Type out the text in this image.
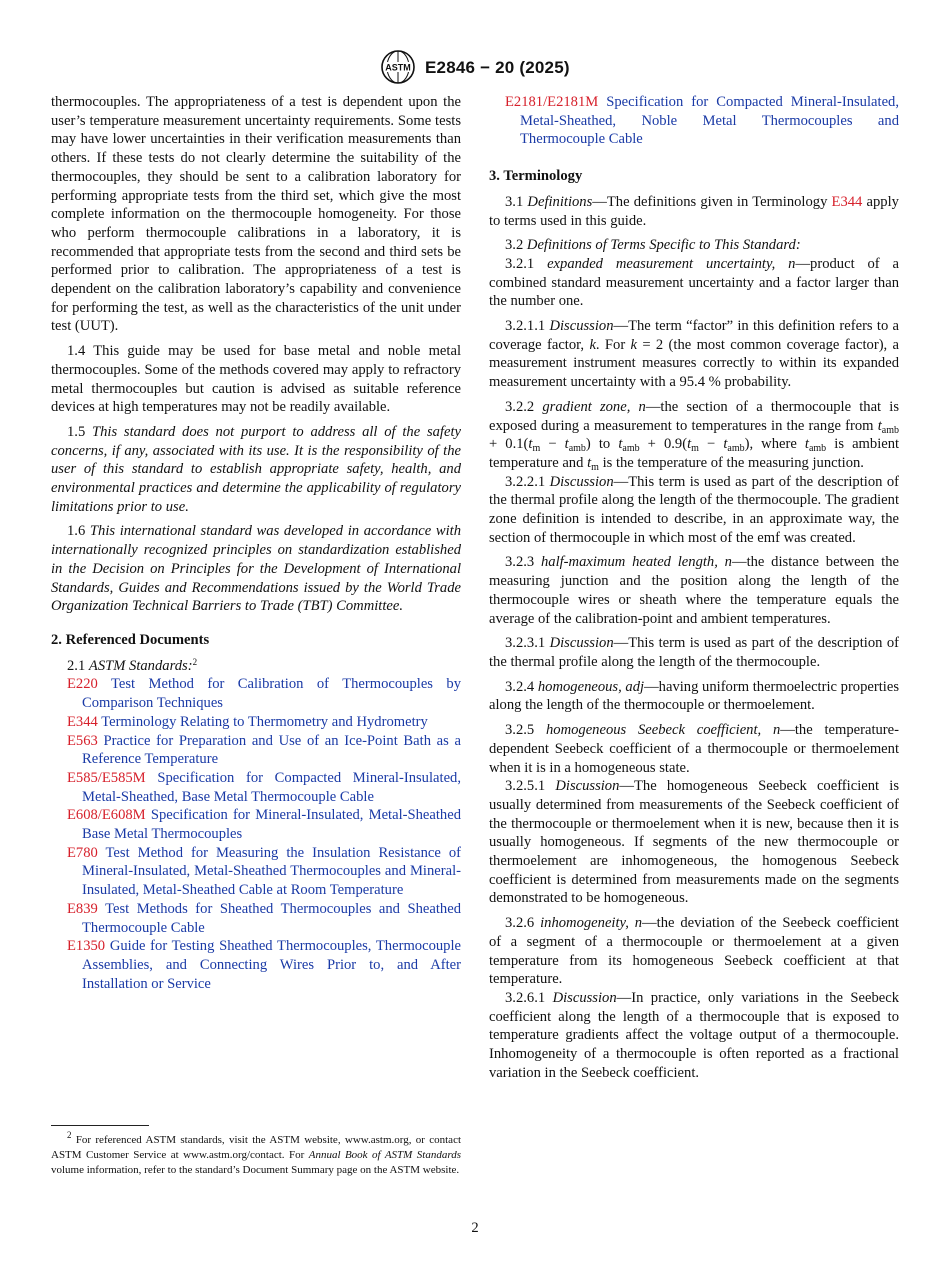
ASTM E2846 − 20 (2025)

thermocouples. The appropriateness of a test is dependent upon the user’s temperature measurement uncertainty requirements. Some tests may have lower uncertainties in their verification measurements than others. If these tests do not clearly determine the suitability of the thermocouples, they should be sent to a calibration laboratory for performing appropriate tests from the third set, which give the most complete information on the thermocouple homogeneity. For those who perform thermocouple calibrations in a laboratory, it is recommended that appropriate tests from the second and third sets be performed prior to calibration. The appropriateness of a test is dependent on the calibration laboratory’s capability and convenience for performing the test, as well as the characteristics of the unit under test (UUT).

1.4 This guide may be used for base metal and noble metal thermocouples. Some of the methods covered may apply to refractory metal thermocouples but caution is advised as suitable reference devices at high temperatures may not be readily available.

1.5 This standard does not purport to address all of the safety concerns, if any, associated with its use. It is the responsibility of the user of this standard to establish appropriate safety, health, and environmental practices and determine the applicability of regulatory limitations prior to use.

1.6 This international standard was developed in accordance with internationally recognized principles on standardization established in the Decision on Principles for the Development of International Standards, Guides and Recommendations issued by the World Trade Organization Technical Barriers to Trade (TBT) Committee.

2. Referenced Documents

2.1 ASTM Standards:$^2$

E220 Test Method for Calibration of Thermocouples by Comparison Techniques

E344 Terminology Relating to Thermometry and Hydrometry

E563 Practice for Preparation and Use of an Ice-Point Bath as a Reference Temperature

E585/E585M Specification for Compacted Mineral-Insulated, Metal-Sheathed, Base Metal Thermocouple Cable

E608/E608M Specification for Mineral-Insulated, Metal-Sheathed Base Metal Thermocouples

E780 Test Method for Measuring the Insulation Resistance of Mineral-Insulated, Metal-Sheathed Thermocouples and Mineral-Insulated, Metal-Sheathed Cable at Room Temperature

E839 Test Methods for Sheathed Thermocouples and Sheathed Thermocouple Cable

E1350 Guide for Testing Sheathed Thermocouples, Thermocouple Assemblies, and Connecting Wires Prior to, and After Installation or Service

$^2$ For referenced ASTM standards, visit the ASTM website, www.astm.org, or contact ASTM Customer Service at www.astm.org/contact. For Annual Book of ASTM Standards volume information, refer to the standard’s Document Summary page on the ASTM website.

E2181/E2181M Specification for Compacted Mineral-Insulated, Metal-Sheathed, Noble Metal Thermocouples and Thermocouple Cable

3. Terminology

3.1 Definitions—The definitions given in Terminology E344 apply to terms used in this guide.

3.2 Definitions of Terms Specific to This Standard:

3.2.1 expanded measurement uncertainty, n—product of a combined standard measurement uncertainty and a factor larger than the number one.

3.2.1.1 Discussion—The term “factor” in this definition refers to a coverage factor, k. For k = 2 (the most common coverage factor), a measurement instrument measures correctly to within its expanded measurement uncertainty with a 95.4 % probability.

3.2.2 gradient zone, n—the section of a thermocouple that is exposed during a measurement to temperatures in the range from $t_{amb} + 0.1(t_m - t_{amb})$ to $t_{amb} + 0.9(t_m - t_{amb})$, where $t_{amb}$ is ambient temperature and $t_m$ is the temperature of the measuring junction.

3.2.2.1 Discussion—This term is used as part of the description of the thermal profile along the length of the thermocouple. The gradient zone definition is intended to describe, in an approximate way, the section of thermocouple in which most of the emf was created.

3.2.3 half-maximum heated length, n—the distance between the measuring junction and the position along the length of the thermocouple wires or sheath where the temperature equals the average of the calibration-point and ambient temperatures.

3.2.3.1 Discussion—This term is used as part of the description of the thermal profile along the length of the thermocouple.

3.2.4 homogeneous, adj—having uniform thermoelectric properties along the length of the thermocouple or thermoelement.

3.2.5 homogeneous Seebeck coefficient, n—the temperature-dependent Seebeck coefficient of a thermocouple or thermoelement when it is in a homogeneous state.

3.2.5.1 Discussion—The homogeneous Seebeck coefficient is usually determined from measurements of the Seebeck coefficient of the thermocouple or thermoelement when it is new, because then it is usually homogeneous. If segments of the new thermocouple or thermoelement are inhomogeneous, the homogenous Seebeck coefficient is determined from measurements made on the segments demonstrated to be homogeneous.

3.2.6 inhomogeneity, n—the deviation of the Seebeck coefficient of a segment of a thermocouple or thermoelement at a given temperature from its homogeneous Seebeck coefficient at that temperature.

3.2.6.1 Discussion—In practice, only variations in the Seebeck coefficient along the length of a thermocouple that is exposed to temperature gradients affect the voltage output of a thermocouple. Inhomogeneity of a thermocouple is often reported as a fractional variation in the Seebeck coefficient.

2
